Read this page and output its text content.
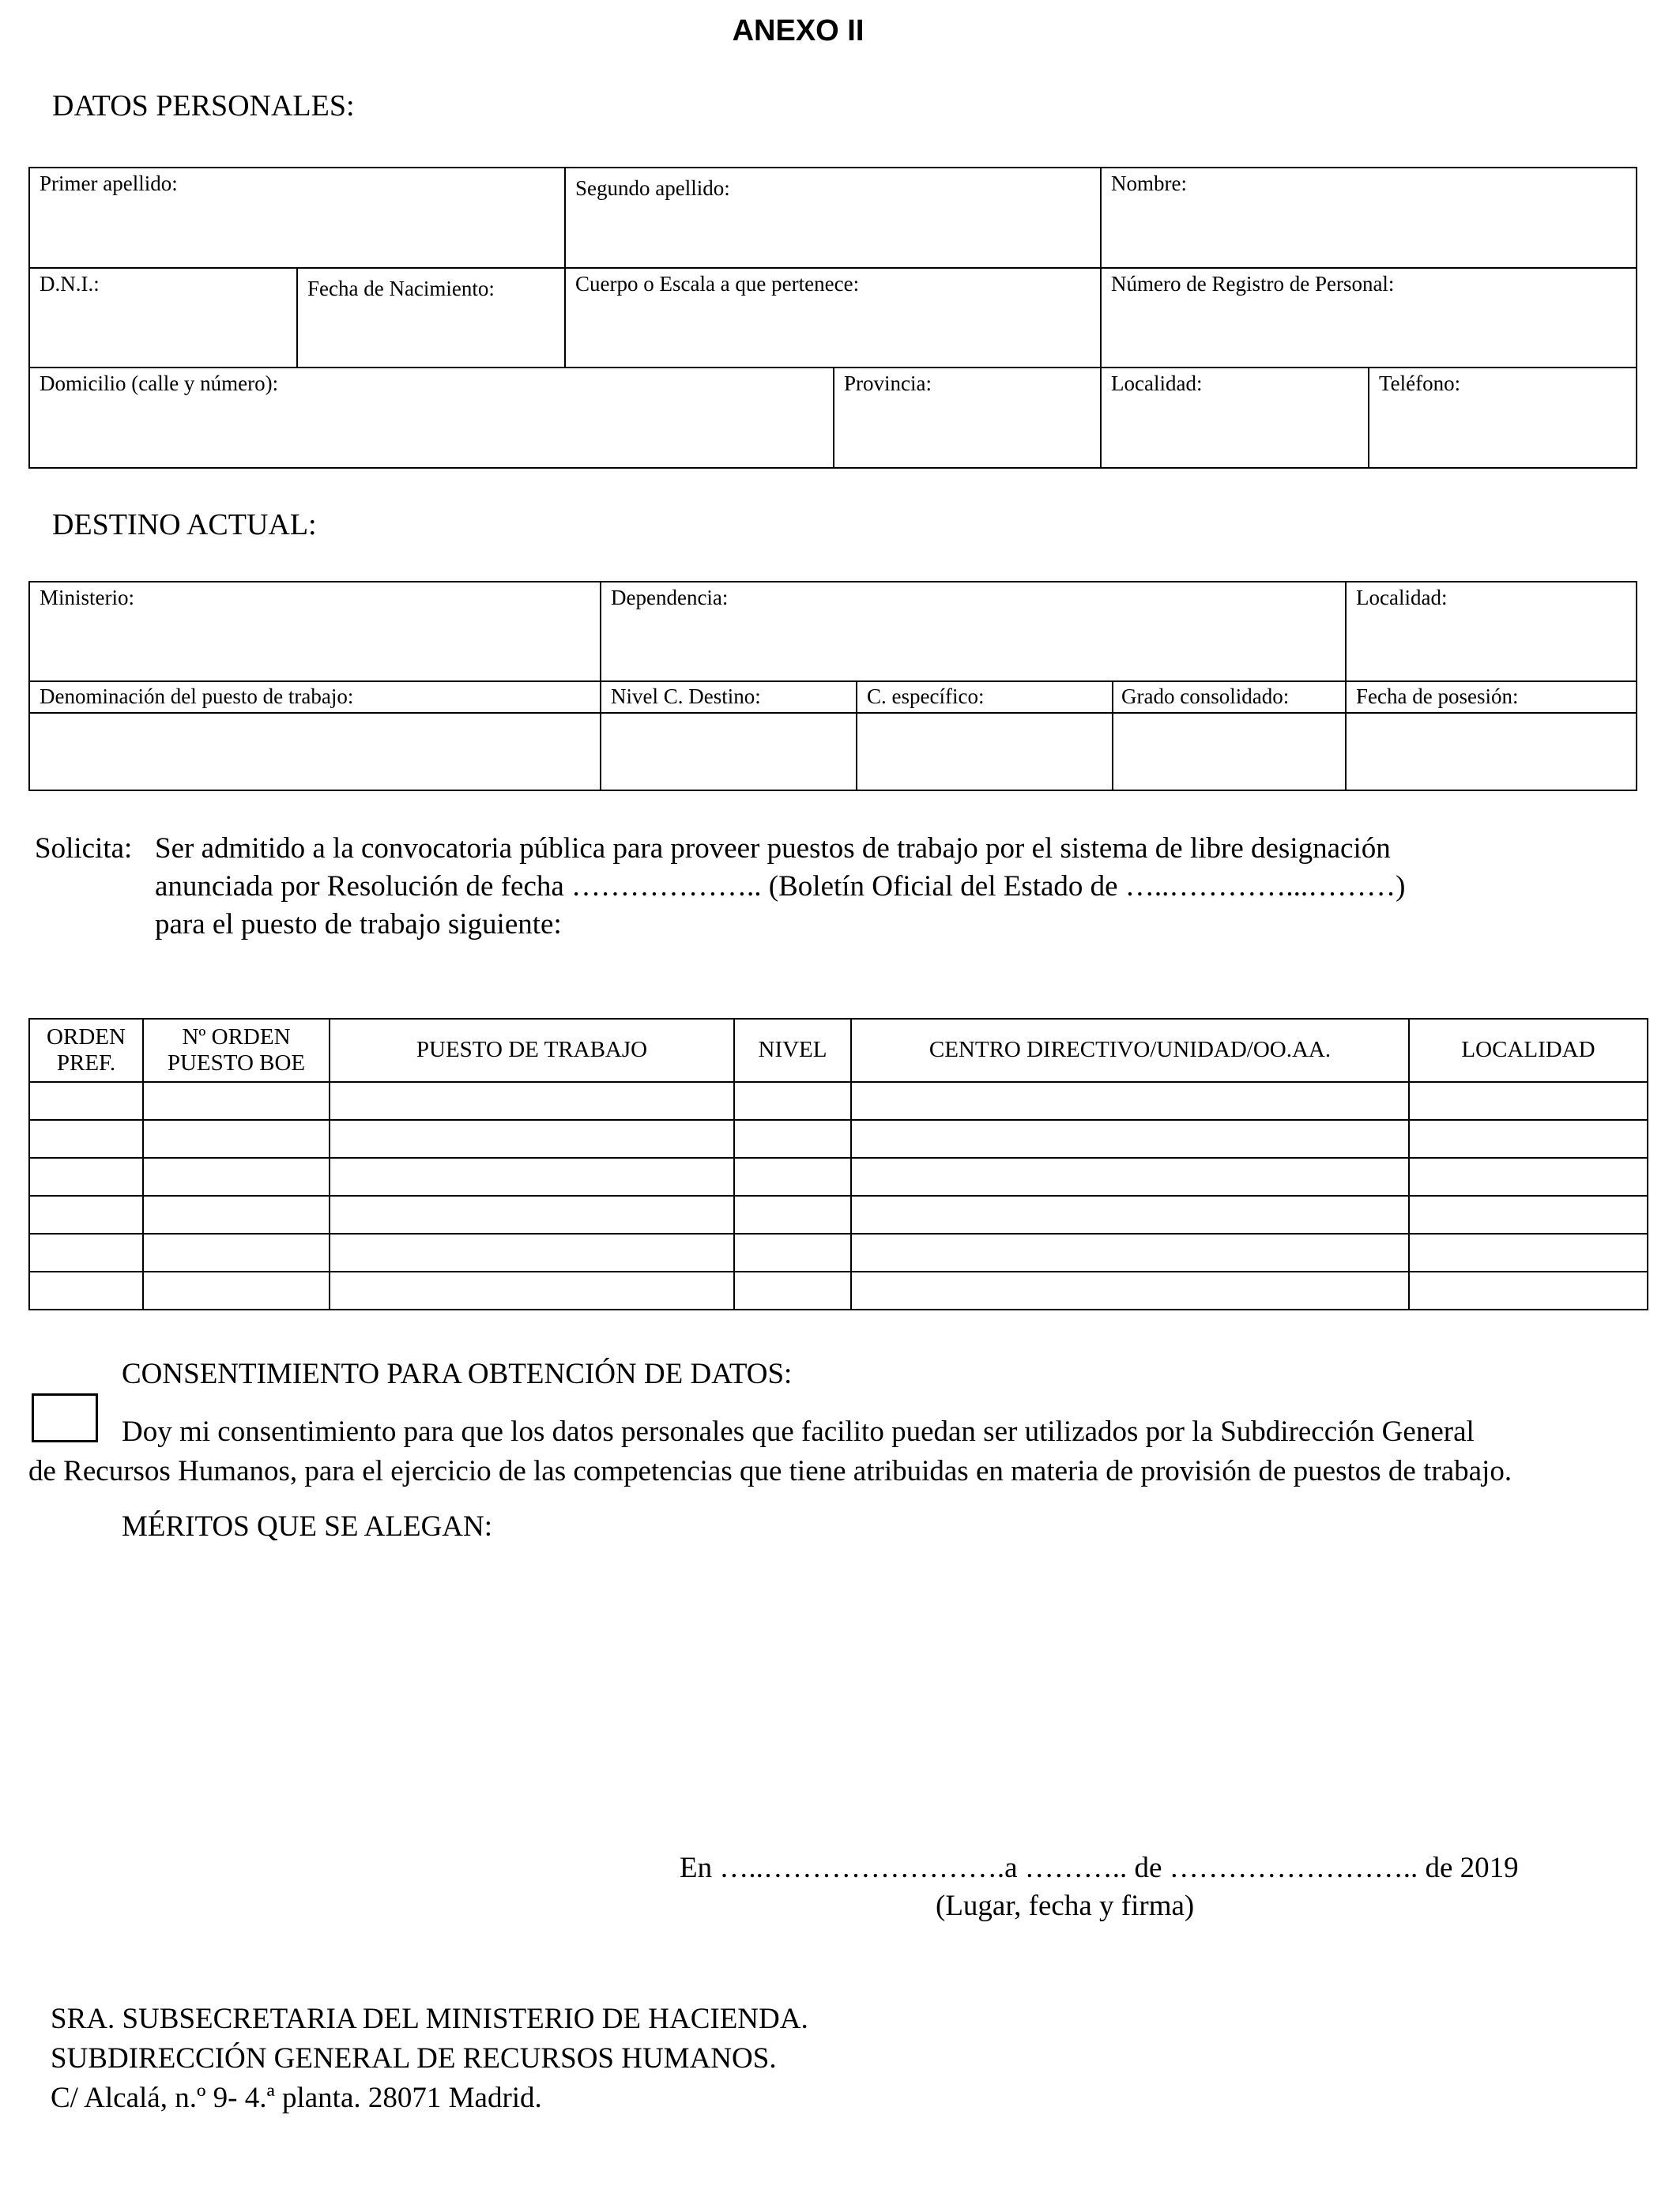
ANEXO II
DATOS PERSONALES:
Primer apellido:		Segundo apellido:		Nombre:	
D.N.I.:	Fecha de Nacimiento:	Cuerpo o Escala a que pertenece:		Número de Registro de Personal:	
Domicilio (calle y número):			Provincia:	Localidad:	Teléfono:
DESTINO ACTUAL:
Ministerio:	Dependencia:			Localidad:
Denominación del puesto de trabajo:	Nivel C. Destino:	C. específico:	Grado consolidado:	Fecha de posesión:

Solicita: Ser admitido a la convocatoria pública para proveer puestos de trabajo por el sistema de libre designación
anunciada por Resolución de fecha ……………….. (Boletín Oficial del Estado de …..…………...………)
para el puesto de trabajo siguiente:
ORDEN PREF.	Nº ORDEN PUESTO BOE	PUESTO DE TRABAJO	NIVEL	CENTRO DIRECTIVO/UNIDAD/OO.AA.	LOCALIDAD

CONSENTIMIENTO PARA OBTENCIÓN DE DATOS:
Doy mi consentimiento para que los datos personales que facilito puedan ser utilizados por la Subdirección General
de Recursos Humanos, para el ejercicio de las competencias que tiene atribuidas en materia de provisión de puestos de trabajo.
MÉRITOS QUE SE ALEGAN:
En …..…………………….a ……….. de …………………….. de 2019
(Lugar, fecha y firma)
SRA. SUBSECRETARIA DEL MINISTERIO DE HACIENDA.
SUBDIRECCIÓN GENERAL DE RECURSOS HUMANOS.
C/ Alcalá, n.º 9- 4.ª planta. 28071 Madrid.
